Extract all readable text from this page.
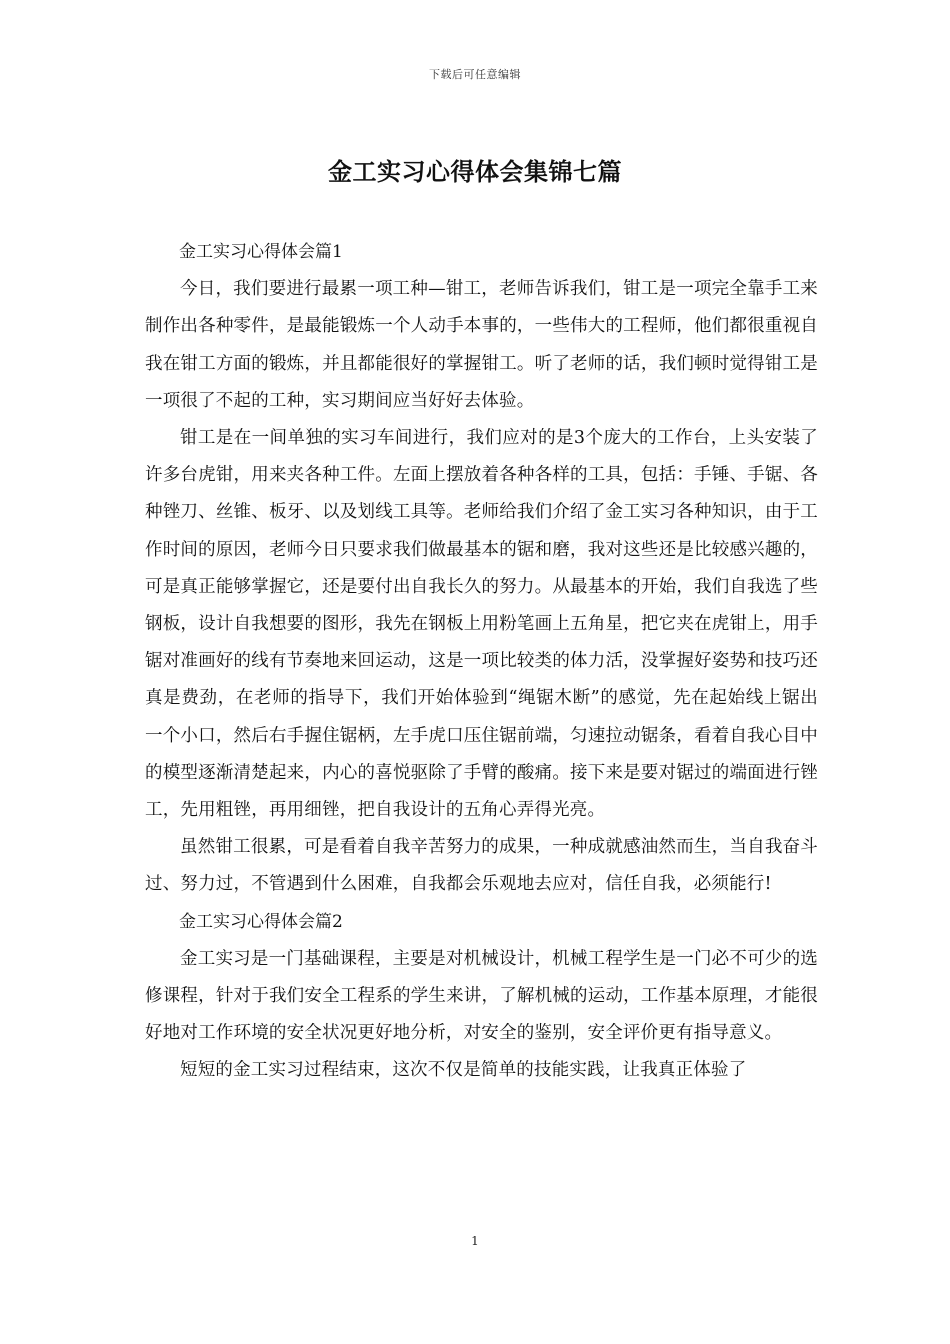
下载后可任意编辑
金工实习心得体会集锦七篇

金工实习心得体会篇1

今日，我们要进行最累一项工种—钳工，老师告诉我们，钳工是一项完全靠手工来制作出各种零件，是最能锻炼一个人动手本事的，一些伟大的工程师，他们都很重视自我在钳工方面的锻炼，并且都能很好的掌握钳工。听了老师的话，我们顿时觉得钳工是一项很了不起的工种，实习期间应当好好去体验。

钳工是在一间单独的实习车间进行，我们应对的是3个庞大的工作台，上头安装了许多台虎钳，用来夹各种工件。左面上摆放着各种各样的工具，包括：手锤、手锯、各种锉刀、丝锥、板牙、以及划线工具等。老师给我们介绍了金工实习各种知识，由于工作时间的原因，老师今日只要求我们做最基本的锯和磨，我对这些还是比较感兴趣的，可是真正能够掌握它，还是要付出自我长久的努力。从最基本的开始，我们自我选了些钢板，设计自我想要的图形，我先在钢板上用粉笔画上五角星，把它夹在虎钳上，用手锯对准画好的线有节奏地来回运动，这是一项比较类的体力活，没掌握好姿势和技巧还真是费劲，在老师的指导下，我们开始体验到“绳锯木断”的感觉，先在起始线上锯出一个小口，然后右手握住锯柄，左手虎口压住锯前端，匀速拉动锯条，看着自我心目中的模型逐渐清楚起来，内心的喜悦驱除了手臂的酸痛。接下来是要对锯过的端面进行锉工，先用粗锉，再用细锉，把自我设计的五角心弄得光亮。

虽然钳工很累，可是看着自我辛苦努力的成果，一种成就感油然而生，当自我奋斗过、努力过，不管遇到什么困难，自我都会乐观地去应对，信任自我，必须能行!

金工实习心得体会篇2

金工实习是一门基础课程，主要是对机械设计，机械工程学生是一门必不可少的选修课程，针对于我们安全工程系的学生来讲，了解机械的运动，工作基本原理，才能很好地对工作环境的安全状况更好地分析，对安全的鉴别，安全评价更有指导意义。

短短的金工实习过程结束，这次不仅是简单的技能实践，让我真正体验了

1
